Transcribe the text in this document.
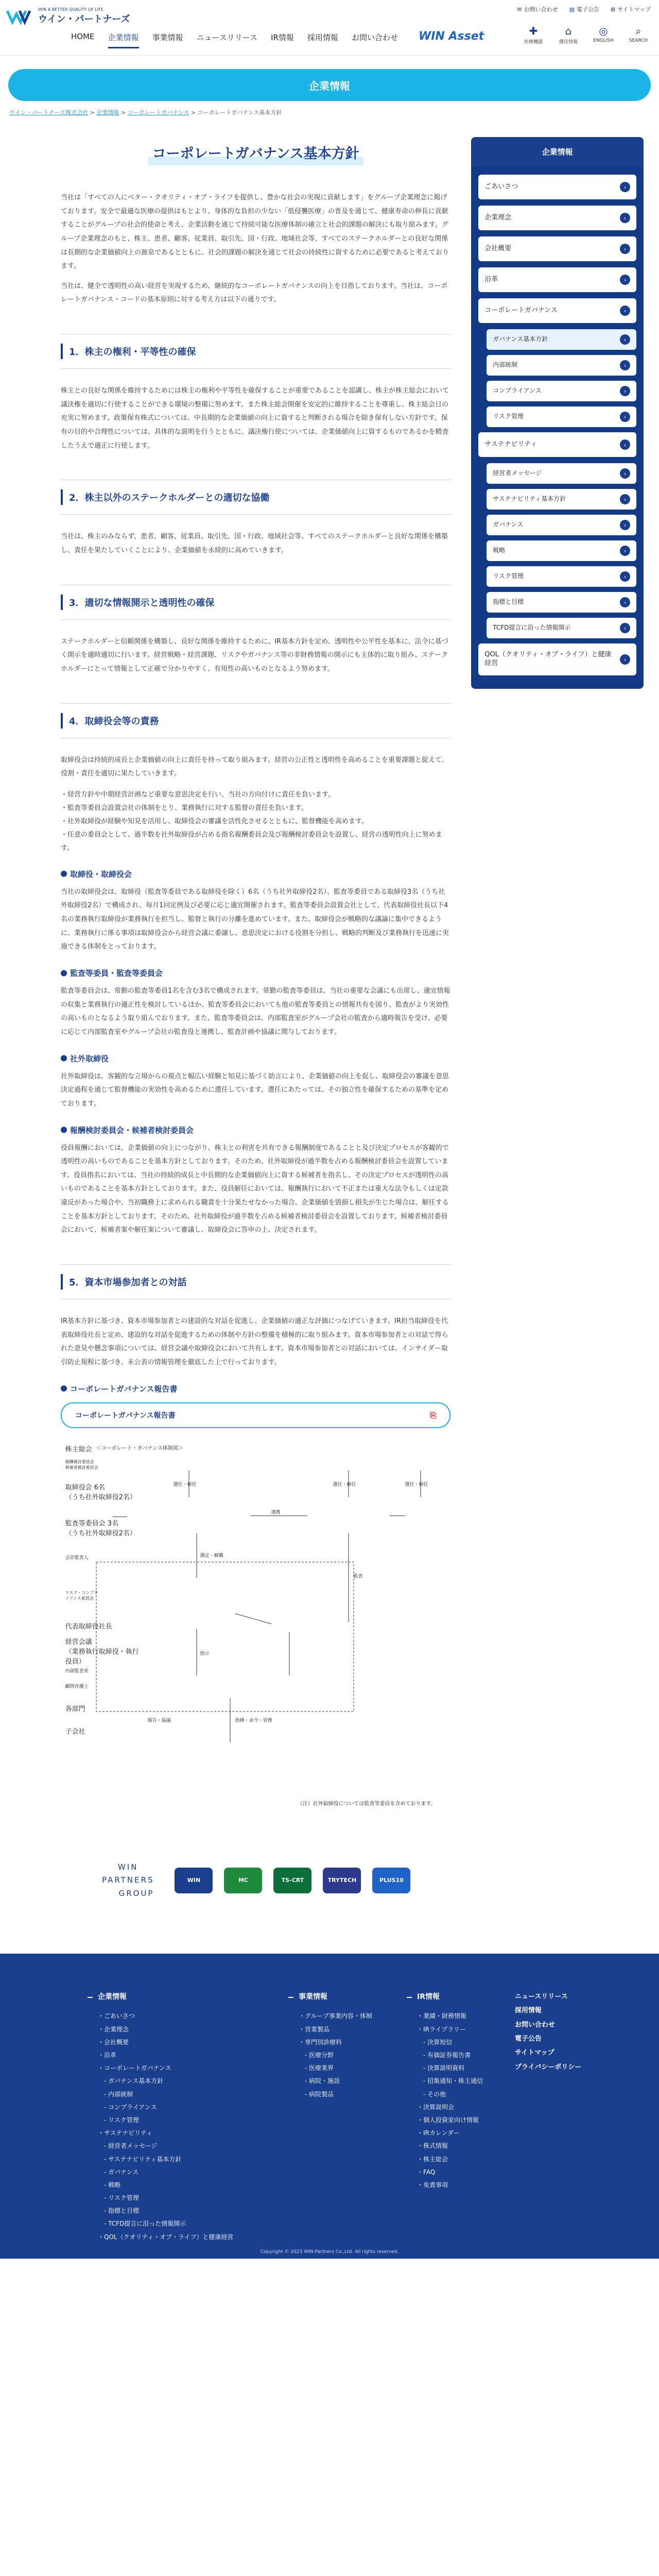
WIN A BETTER QUALITY OF LIFE
ウイン・パートナーズ
✉ お問い合わせ ▤ 電子公告 ⊞ サイトマップ
HOME 企業情報 事業情報 ニュースリリース IR情報 採用情報 お問い合わせ WIN Asset	✚
医療機器
⌂
優待情報
◎
ENGLISH
⌕
SEARCH
企業情報
ウイン・パートナーズ株式会社 > 企業情報 > コーポレートガバナンス > コーポレートガバナンス基本方針
コーポレートガバナンス基本方針

当社は「すべての人にベター・クオリティ・オブ・ライフを提供し、豊かな社会の実現に貢献します」をグループ企業理念に掲げております。安全で最適な医療の提供はもとより、身体的な負担の少ない「低侵襲医療」の普及を通じて、健康寿命の伸長に貢献することがグループの社会的使命と考え、企業活動を通じて持続可能な医療体制の確立と社会的課題の解決にも取り組みます。グループ企業理念のもと、株主、患者、顧客、従業員、取引先、国・行政、地域社会等、すべてのステークホルダーとの良好な関係は長期的な企業価値向上の源泉であるとともに、社会的課題の解決を通じて社会の持続性に資するために必要であると考えております。

当社は、健全で透明性の高い経営を実現するため、継続的なコーポレートガバナンスの向上を目指しております。当社は、コーポレートガバナンス・コードの基本原則に対する考え方は以下の通りです。

1．株主の権利・平等性の確保

株主との良好な関係を維持するためには株主の権利や平等性を確保することが重要であることを認識し、株主が株主総会において議決権を適切に行使することができる環境の整備に努めます。また株主総会開催を安定的に維持することを尊重し、株主総会日の充実に努めます。政策保有株式については、中長期的な企業価値の向上に資すると判断される場合を除き保有しない方針です。保有の目的や合理性については、具体的な説明を行うとともに、議決権行使については、企業価値向上に資するものであるかを精査したうえで適正に行使します。

2．株主以外のステークホルダーとの適切な協働

当社は、株主のみならず、患者、顧客、従業員、取引先、国・行政、地域社会等、すべてのステークホルダーと良好な関係を構築し、責任を果たしていくことにより、企業価値を永続的に高めていきます。

3．適切な情報開示と透明性の確保

ステークホルダーと信頼関係を構築し、良好な関係を維持するために、IR基本方針を定め、透明性や公平性を基本に、法令に基づく開示を適時適切に行います。経営戦略・経営課題、リスクやガバナンス等の非財務情報の開示にも主体的に取り組み、ステークホルダーにとって情報として正確で分かりやすく、有用性の高いものとなるよう努めます。

4．取締役会等の責務

取締役会は持続的成長と企業価値の向上に責任を持って取り組みます。経営の公正性と透明性を高めることを重要課題と捉えて、役割・責任を適切に果たしていきます。

・ 経営方針や中期経営計画など重要な意思決定を行い、当社の方向付けに責任を負います。
・ 監査等委員会設置会社の体制をとり、業務執行に対する監督の責任を負います。
・ 社外取締役が経験や知見を活用し、取締役会の審議を活性化させるとともに、監督機能を高めます。
・ 任意の委員会として、過半数を社外取締役が占める指名報酬委員会及び報酬検討委員会を設置し、経営の透明性向上に努めます。
取締役・取締役会

当社の取締役会は、取締役（監査等委員である取締役を除く）6名（うち社外取締役2名）、監査等委員である取締役3名（うち社外取締役2名）で構成され、毎月1回定例及び必要に応じ適宜開催されます。監査等委員会設置会社として、代表取締役社長以下4名の業務執行取締役が業務執行を担当し、監督と執行の分離を進めています。また、取締役会が戦略的な議論に集中できるように、業務執行に係る事項は取締役会から経営会議に委譲し、意思決定における役割を分担し、戦略的判断及び業務執行を迅速に実施できる体制をとっております。

監査等委員・監査等委員会

監査等委員会は、常勤の監査等委員1名を含む3名で構成されます。常勤の監査等委員は、当社の重要な会議にも出席し、適宜情報の収集と業務執行の適正性を検討しているほか、監査等委員会においても他の監査等委員との情報共有を図り、監査がより実効性の高いものとなるよう取り組んでおります。また、監査等委員会は、内部監査室がグループ会社の監査から適時報告を受け、必要に応じて内部監査室やグループ会社の監査役と連携し、監査計画や協議に関与しております。

社外取締役

社外取締役は、客観的な立場からの視点と幅広い経験と知見に基づく助言により、企業価値の向上を促し、取締役会の審議を意思決定過程を通じて監督機能の実効性を高めるために選任しています。選任にあたっては、その独立性を確保するための基準を定めております。

報酬検討委員会・候補者検討委員会

役員報酬においては、企業価値の向上につながり、株主との利害を共有できる報酬制度であることと及び決定プロセスが客観的で透明性の高いものであることを基本方針としております。そのため、社外取締役が過半数を占める報酬検討委員会を設置しています。役員指名においては、当社の持続的成長と中長期的な企業価値向上に資する候補者を指名し、その決定プロセスが透明性の高いものであることを基本方針としております。また、役員解任においては、報酬執行において不正または重大な法令もしくは定款違反があった場合や、当初職務上に求められる職責を十分果たせなかった場合、企業価値を毀損し損失が生じた場合は、解任することを基本方針としております。そのため、社外取締役が過半数を占める候補者検討委員会を設置しております。候補者検討委員会において、候補者案や解任案について審議し、取締役会に答申の上、決定されます。

5．資本市場参加者との対話

IR基本方針に基づき、資本市場参加者との建設的な対話を促進し、企業価値の適正な評価につなげていきます。IR担当取締役を代表取締役社長と定め、建設的な対話を促進するための体制や方針の整備を積極的に取り組みます。資本市場参加者との対話で得られた意見や懸念事項については、経営会議や取締役会において共有します。資本市場参加者との対話においては、インサイダー取引防止規程に基づき、未公表の情報管理を徹底した上で行っております。

コーポレートガバナンス報告書
コーポレートガバナンス報告書	⎘
＜コーポレート・ガバナンス体制図＞
株主総会
報酬検討委員会
候補者検討委員会
取締役会 6名
（うち社外取締役2名）
監査等委員会 3名
（うち社外取締役2名）
会計監査人
リスク・コンプライアンス委員会
代表取締役社長
経営会議
（業務執行取締役・執行役員）
内部監査室
顧問弁護士
各部門
子会社
選任・解任	選任・解任	選任・解任
連携
選定・解職
監査
指示
指揮・命令・管理
報告・協議
（注）社外取締役については監査等委員を含めております。
WIN
PARTNERS
GROUP
WIN	MC	TS-CRT	TRYTECH	PLUS10
企業情報
ごあいさつ	›
企業理念	›
会社概要	›
沿革	›
コーポレートガバナンス	›
ガバナンス基本方針	›
内部統制	›
コンプライアンス	›
リスク管理	›
サステナビリティ	›
経営者メッセージ	›
サステナビリティ基本方針	›
ガバナンス	›
戦略	›
リスク管理	›
指標と目標	›
TCFD提言に沿った情報開示	›
QOL（クオリティ・オブ・ライフ）と健康経営	›
企業情報
・ ごあいさつ
・ 企業理念
・ 会社概要
・ 沿革
・ コーポレートガバナンス
- ガバナンス基本方針
- 内部統制
- コンプライアンス
- リスク管理
・ サステナビリティ
- 経営者メッセージ
- サステナビリティ基本方針
- ガバナンス
- 戦略
- リスク管理
- 指標と目標
- TCFD提言に沿った情報開示
・ QOL（クオリティ・オブ・ライフ）と健康経営
事業情報
・ グループ事業内容・体制
・ 営業製品
・ 専門別診療科
- 医療分野
- 医療業界
- 病院・施設
- 病院製品
IR情報
・ 業績・財務情報
・ IRライブラリー
- 決算短信
- 有価証券報告書
- 決算説明資料
- 招集通知・株主通信
- その他
・ 決算説明会
・ 個人投資家向け情報
・ IRカレンダー
・ 株式情報
・ 株主総会
・ FAQ
・ 免責事項
ニュースリリース
採用情報
お問い合わせ
電子公告
サイトマップ
プライバシーポリシー
Copyright © 2023 WIN-Partners Co.,Ltd. All rights reserved.
